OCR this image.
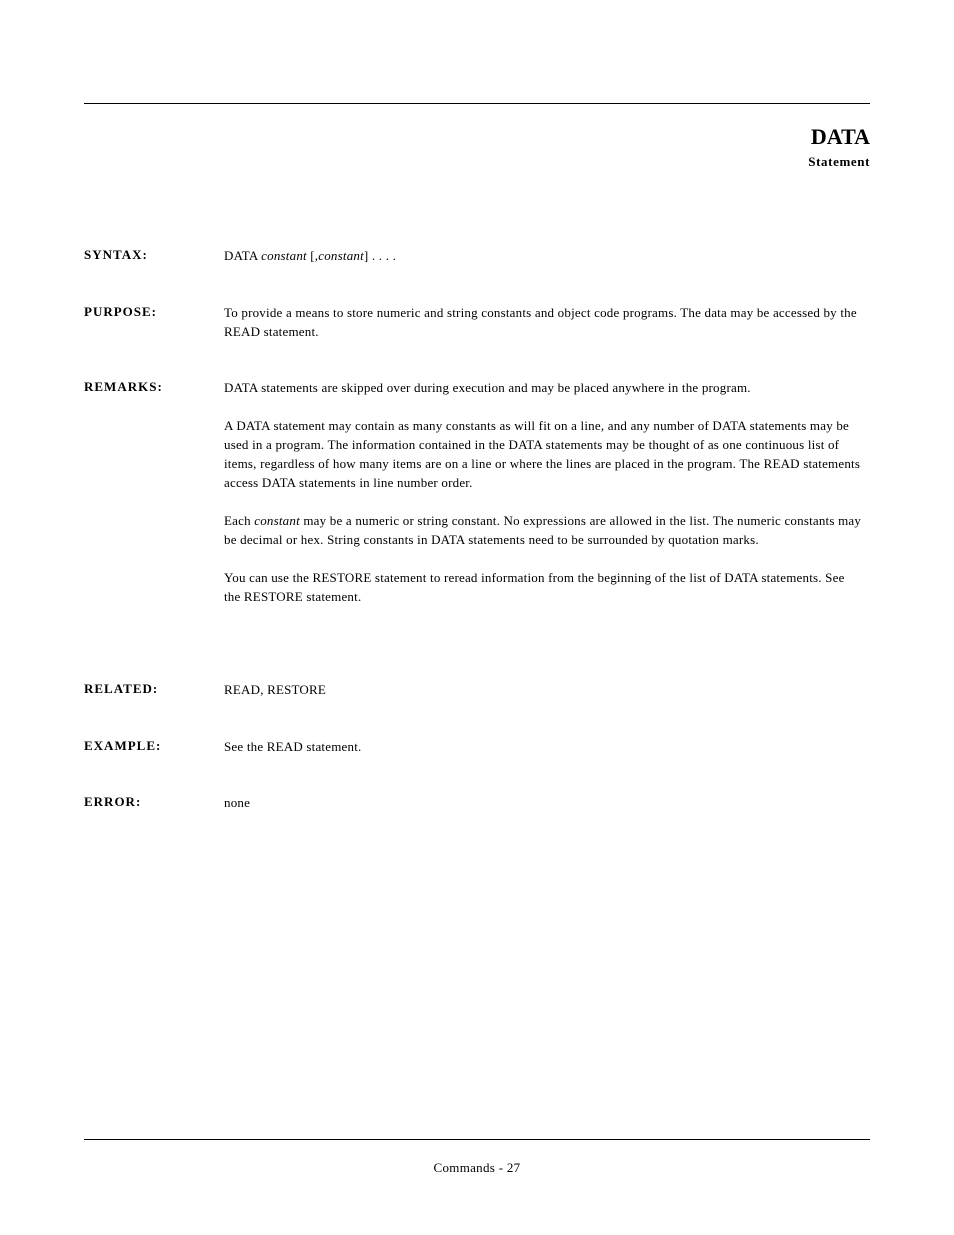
DATA
Statement
SYNTAX:	DATA constant [,constant] . . . .
PURPOSE:	To provide a means to store numeric and string constants and object code programs. The data may be accessed by the READ statement.

REMARKS:	DATA statements are skipped over during execution and may be placed anywhere in the program.

A DATA statement may contain as many constants as will fit on a line, and any number of DATA statements may be used in a program. The information contained in the DATA statements may be thought of as one continuous list of items, regardless of how many items are on a line or where the lines are placed in the program. The READ statements access DATA statements in line number order.

Each constant may be a numeric or string constant. No expressions are allowed in the list. The numeric constants may be decimal or hex. String constants in DATA statements need to be surrounded by quotation marks.

You can use the RESTORE statement to reread information from the beginning of the list of DATA statements. See the RESTORE statement.

RELATED:	READ, RESTORE
EXAMPLE:	See the READ statement.
ERROR:	none
Commands - 27
